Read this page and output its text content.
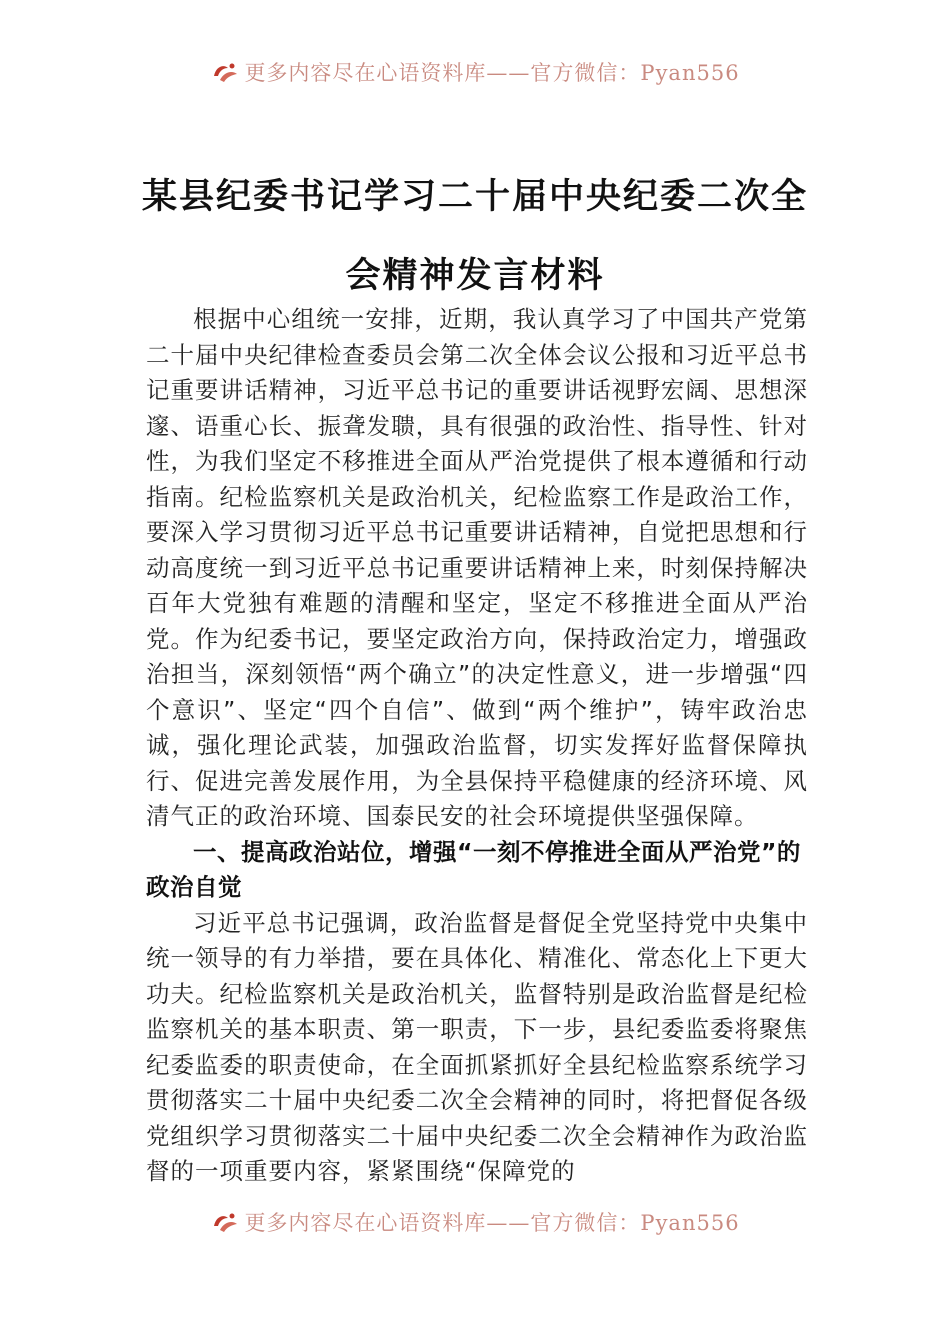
更多内容尽在心语资料库——官方微信：Pyan556
某县纪委书记学习二十届中央纪委二次全
会精神发言材料

根据中心组统一安排，近期，我认真学习了中国共产党第二十届中央纪律检查委员会第二次全体会议公报和习近平总书记重要讲话精神，习近平总书记的重要讲话视野宏阔、思想深邃、语重心长、振聋发聩，具有很强的政治性、指导性、针对性，为我们坚定不移推进全面从严治党提供了根本遵循和行动指南。纪检监察机关是政治机关，纪检监察工作是政治工作，要深入学习贯彻习近平总书记重要讲话精神，自觉把思想和行动高度统一到习近平总书记重要讲话精神上来，时刻保持解决百年大党独有难题的清醒和坚定，坚定不移推进全面从严治党。作为纪委书记，要坚定政治方向，保持政治定力，增强政治担当，深刻领悟“两个确立”的决定性意义，进一步增强“四个意识”、坚定“四个自信”、做到“两个维护”，铸牢政治忠诚，强化理论武装，加强政治监督，切实发挥好监督保障执行、促进完善发展作用，为全县保持平稳健康的经济环境、风清气正的政治环境、国泰民安的社会环境提供坚强保障。

一、提高政治站位，增强“一刻不停推进全面从严治党”的政治自觉

习近平总书记强调，政治监督是督促全党坚持党中央集中统一领导的有力举措，要在具体化、精准化、常态化上下更大功夫。纪检监察机关是政治机关，监督特别是政治监督是纪检监察机关的基本职责、第一职责，下一步，县纪委监委将聚焦纪委监委的职责使命，在全面抓紧抓好全县纪检监察系统学习贯彻落实二十届中央纪委二次全会精神的同时，将把督促各级党组织学习贯彻落实二十届中央纪委二次全会精神作为政治监督的一项重要内容，紧紧围绕“保障党的

更多内容尽在心语资料库——官方微信：Pyan556
